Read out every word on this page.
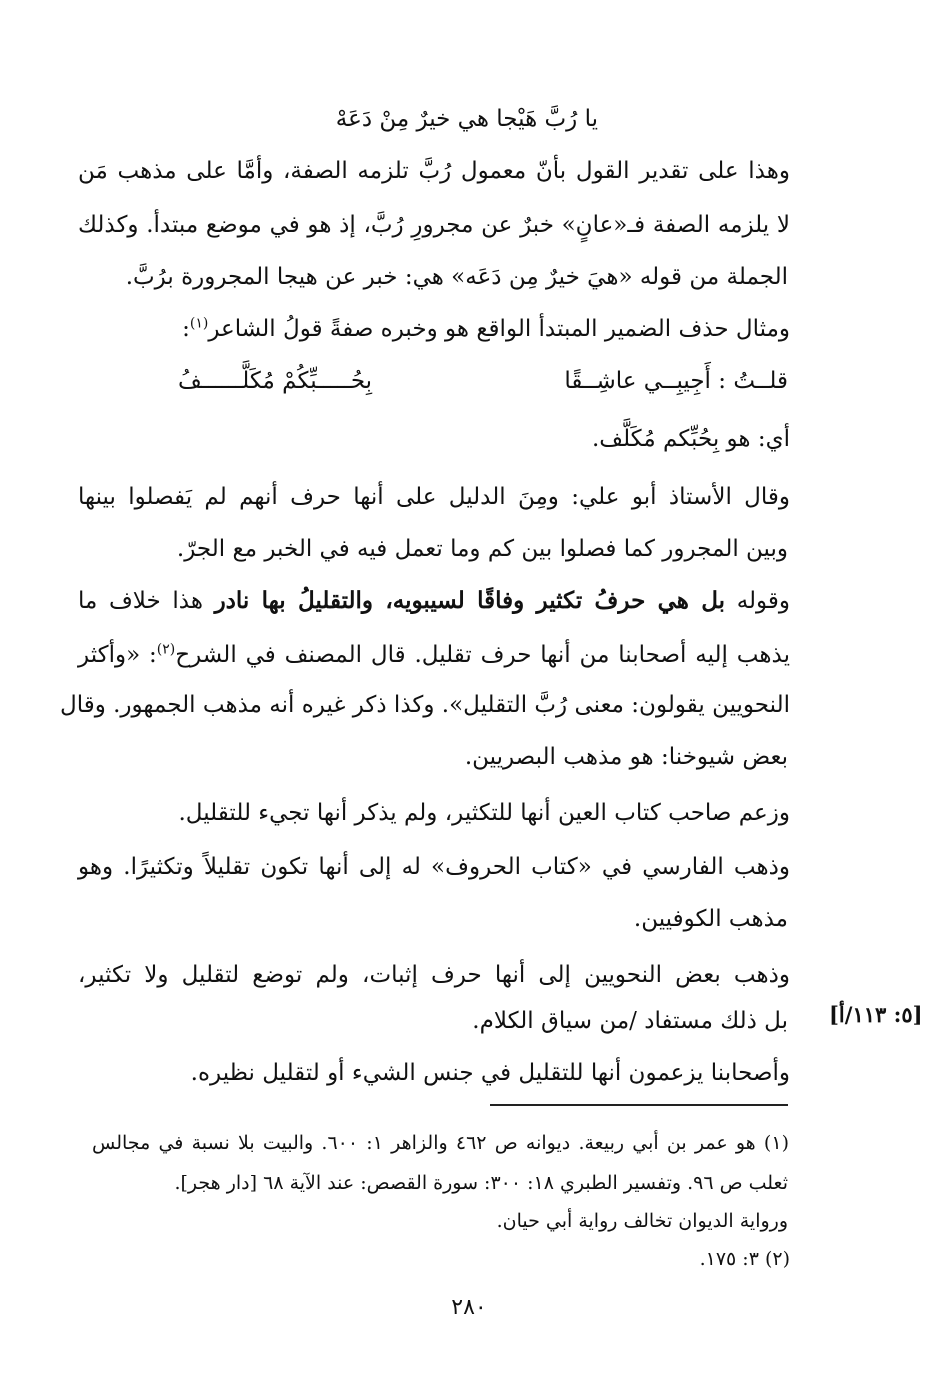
يا رُبَّ هَيْجا هي خيرٌ مِنْ دَعَهْ
وهذا على تقدير القول بأنّ معمول رُبَّ تلزمه الصفة، وأمَّا على مذهب مَن
لا يلزمه الصفة فـ«عانٍ» خبرٌ عن مجرورِ رُبَّ، إذ هو في موضع مبتدأ. وكذلك
الجملة من قوله «هيَ خيرٌ مِن دَعَه» هي: خبر عن هيجا المجرورة برُبَّ.
ومثال حذف الضمير المبتدأ الواقع هو وخبره صفةً قولُ الشاعر$^{(١)}$:
قلــتُ : أَجِيبِــي عاشِــقًا
بِحُـــــبِّكُمْ مُكَلَّــــــفُ
أي: هو بِحُبِّكم مُكَلَّف.
وقال الأستاذ أبو علي: ومِنَ الدليل على أنها حرف أنهم لم يَفصلوا بينها
وبين المجرور كما فصلوا بين كم وما تعمل فيه في الخبر مع الجرّ.
وقوله بل هي حرفُ تكثير وفاقًا لسيبويه، والتقليلُ بها نادر هذا خلاف ما
يذهب إليه أصحابنا من أنها حرف تقليل. قال المصنف في الشرح$^{(٢)}$: «وأكثر
النحويين يقولون: معنى رُبَّ التقليل». وكذا ذكر غيره أنه مذهب الجمهور. وقال
بعض شيوخنا: هو مذهب البصريين.
وزعم صاحب كتاب العين أنها للتكثير، ولم يذكر أنها تجيء للتقليل.
وذهب الفارسي في «كتاب الحروف» له إلى أنها تكون تقليلاً وتكثيرًا. وهو
مذهب الكوفيين.
وذهب بعض النحويين إلى أنها حرف إثبات، ولم توضع لتقليل ولا تكثير،
بل ذلك مستفاد /من سياق الكلام. [٥: ١١٣/أ]
وأصحابنا يزعمون أنها للتقليل في جنس الشيء أو لتقليل نظيره.
(١) هو عمر بن أبي ربيعة. ديوانه ص ٤٦٢ والزاهر ١: ٦٠٠. والبيت بلا نسبة في مجالس
ثعلب ص ٩٦. وتفسير الطبري ١٨: ٣٠٠: سورة القصص: عند الآية ٦٨ [دار هجر].
ورواية الديوان تخالف رواية أبي حيان.
(٢) ٣: ١٧٥.
٢٨٠
